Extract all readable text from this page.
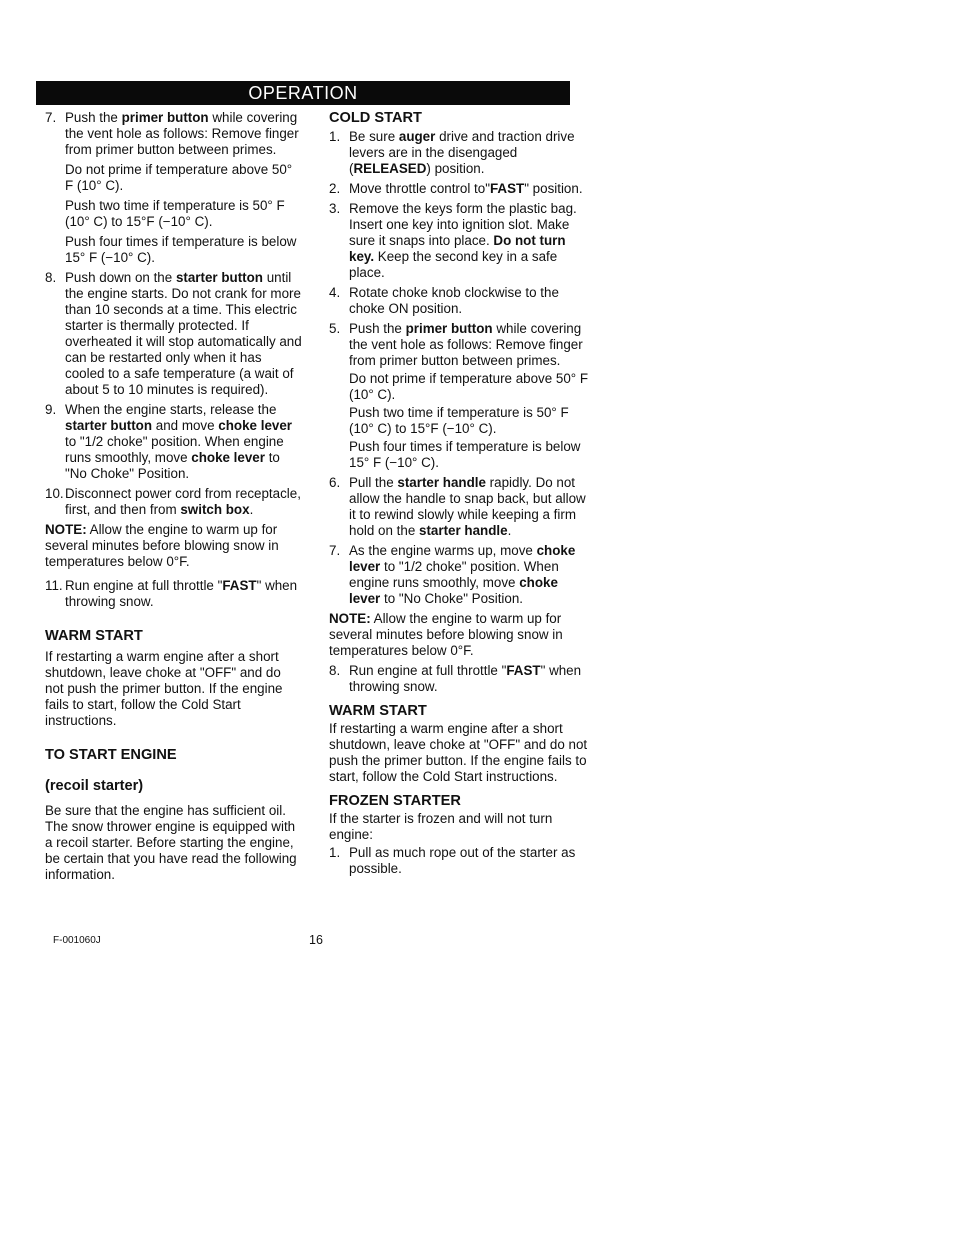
OPERATION
7. Push the primer button while covering the vent hole as follows: Remove finger from primer button between primes.

Do not prime if temperature above 50° F (10° C).

Push two time if temperature is 50° F (10° C) to 15°F (−10° C).

Push four times if temperature is below 15° F (−10° C).

8. Push down on the starter button until the engine starts. Do not crank for more than 10 seconds at a time. This electric starter is thermally protected. If overheated it will stop automatically and can be restarted only when it has cooled to a safe temperature (a wait of about 5 to 10 minutes is required).
9. When the engine starts, release the starter button and move choke lever to "1/2 choke" position. When engine runs smoothly, move choke lever to "No Choke" Position.
10. Disconnect power cord from receptacle, first, and then from switch box.

NOTE: Allow the engine to warm up for several minutes before blowing snow in temperatures below 0°F.

11. Run engine at full throttle "FAST" when throwing snow.
WARM START

If restarting a warm engine after a short shutdown, leave choke at "OFF" and do not push the primer button. If the engine fails to start, follow the Cold Start instructions.

TO START ENGINE
(recoil starter)

Be sure that the engine has sufficient oil. The snow thrower engine is equipped with a recoil starter. Before starting the engine, be certain that you have read the following information.

COLD START
1. Be sure auger drive and traction drive levers are in the disengaged (RELEASED) position.
2. Move throttle control to"FAST" position.
3. Remove the keys form the plastic bag. Insert one key into ignition slot. Make sure it snaps into place. Do not turn key. Keep the second key in a safe place.
4. Rotate choke knob clockwise to the choke ON position.
5. Push the primer button while covering the vent hole as follows: Remove finger from primer button between primes.

Do not prime if temperature above 50° F (10° C).

Push two time if temperature is 50° F (10° C) to 15°F (−10° C).

Push four times if temperature is below 15° F (−10° C).

6. Pull the starter handle rapidly. Do not allow the handle to snap back, but allow it to rewind slowly while keeping a firm hold on the starter handle.
7. As the engine warms up, move choke lever to "1/2 choke" position. When engine runs smoothly, move choke lever to "No Choke" Position.

NOTE: Allow the engine to warm up for several minutes before blowing snow in temperatures below 0°F.

8. Run engine at full throttle "FAST" when throwing snow.
WARM START

If restarting a warm engine after a short shutdown, leave choke at "OFF" and do not push the primer button. If the engine fails to start, follow the Cold Start instructions.

FROZEN STARTER

If the starter is frozen and will not turn engine:

1. Pull as much rope out of the starter as possible.
F-001060J	16
